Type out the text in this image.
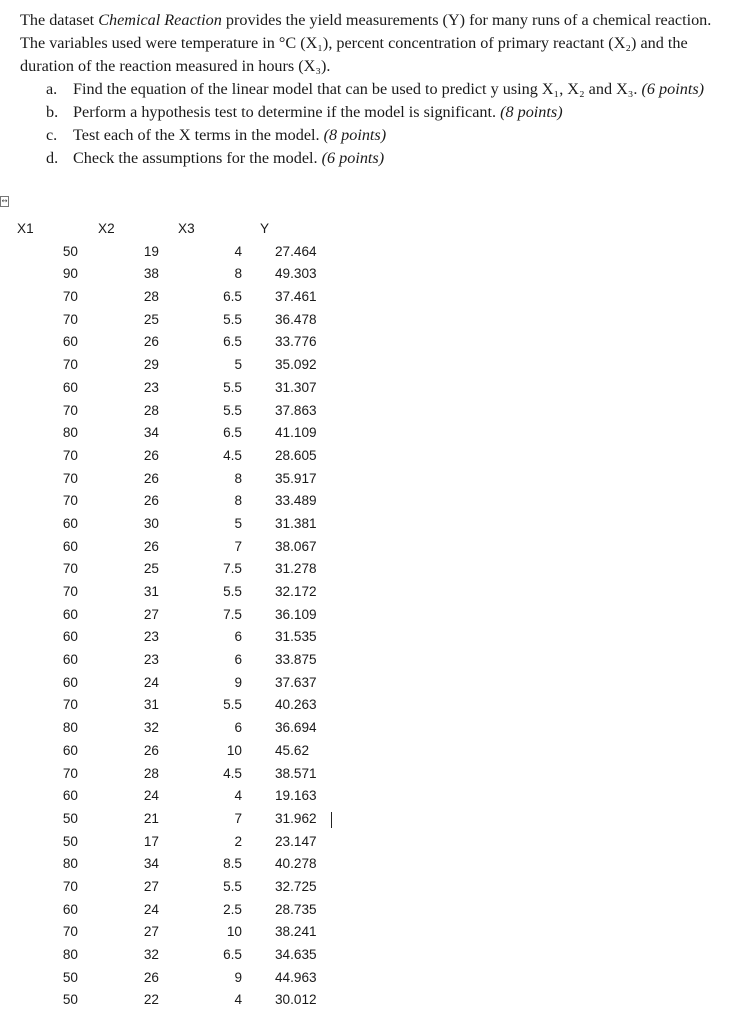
The dataset Chemical Reaction provides the yield measurements (Y) for many runs of a chemical reaction. The variables used were temperature in °C (X₁), percent concentration of primary reactant (X₂) and the duration of the reaction measured in hours (X₃).

a. Find the equation of the linear model that can be used to predict y using X₁, X₂ and X₃. (6 points)
b. Perform a hypothesis test to determine if the model is significant. (8 points)
c. Test each of the X terms in the model. (8 points)
d. Check the assumptions for the model. (6 points)
↔
X1	X2	X3	Y
50	19	4 27.464
90	38	8 49.303
70	28	6.5 37.461
70	25	5.5 36.478
60	26	6.5 33.776
70	29	5 35.092
60	23	5.5 31.307
70	28	5.5 37.863
80	34	6.5 41.109
70	26	4.5 28.605
70	26	8 35.917
70	26	8 33.489
60	30	5 31.381
60	26	7 38.067
70	25	7.5 31.278
70	31	5.5 32.172
60	27	7.5 36.109
60	23	6 31.535
60	23	6 33.875
60	24	9 37.637
70	31	5.5 40.263
80	32	6 36.694
60	26	10 45.62
70	28	4.5 38.571
60	24	4 19.163
50	21	7 31.962
50	17	2 23.147
80	34	8.5 40.278
70	27	5.5 32.725
60	24	2.5 28.735
70	27	10 38.241
80	32	6.5 34.635
50	26	9 44.963
50	22	4 30.012
